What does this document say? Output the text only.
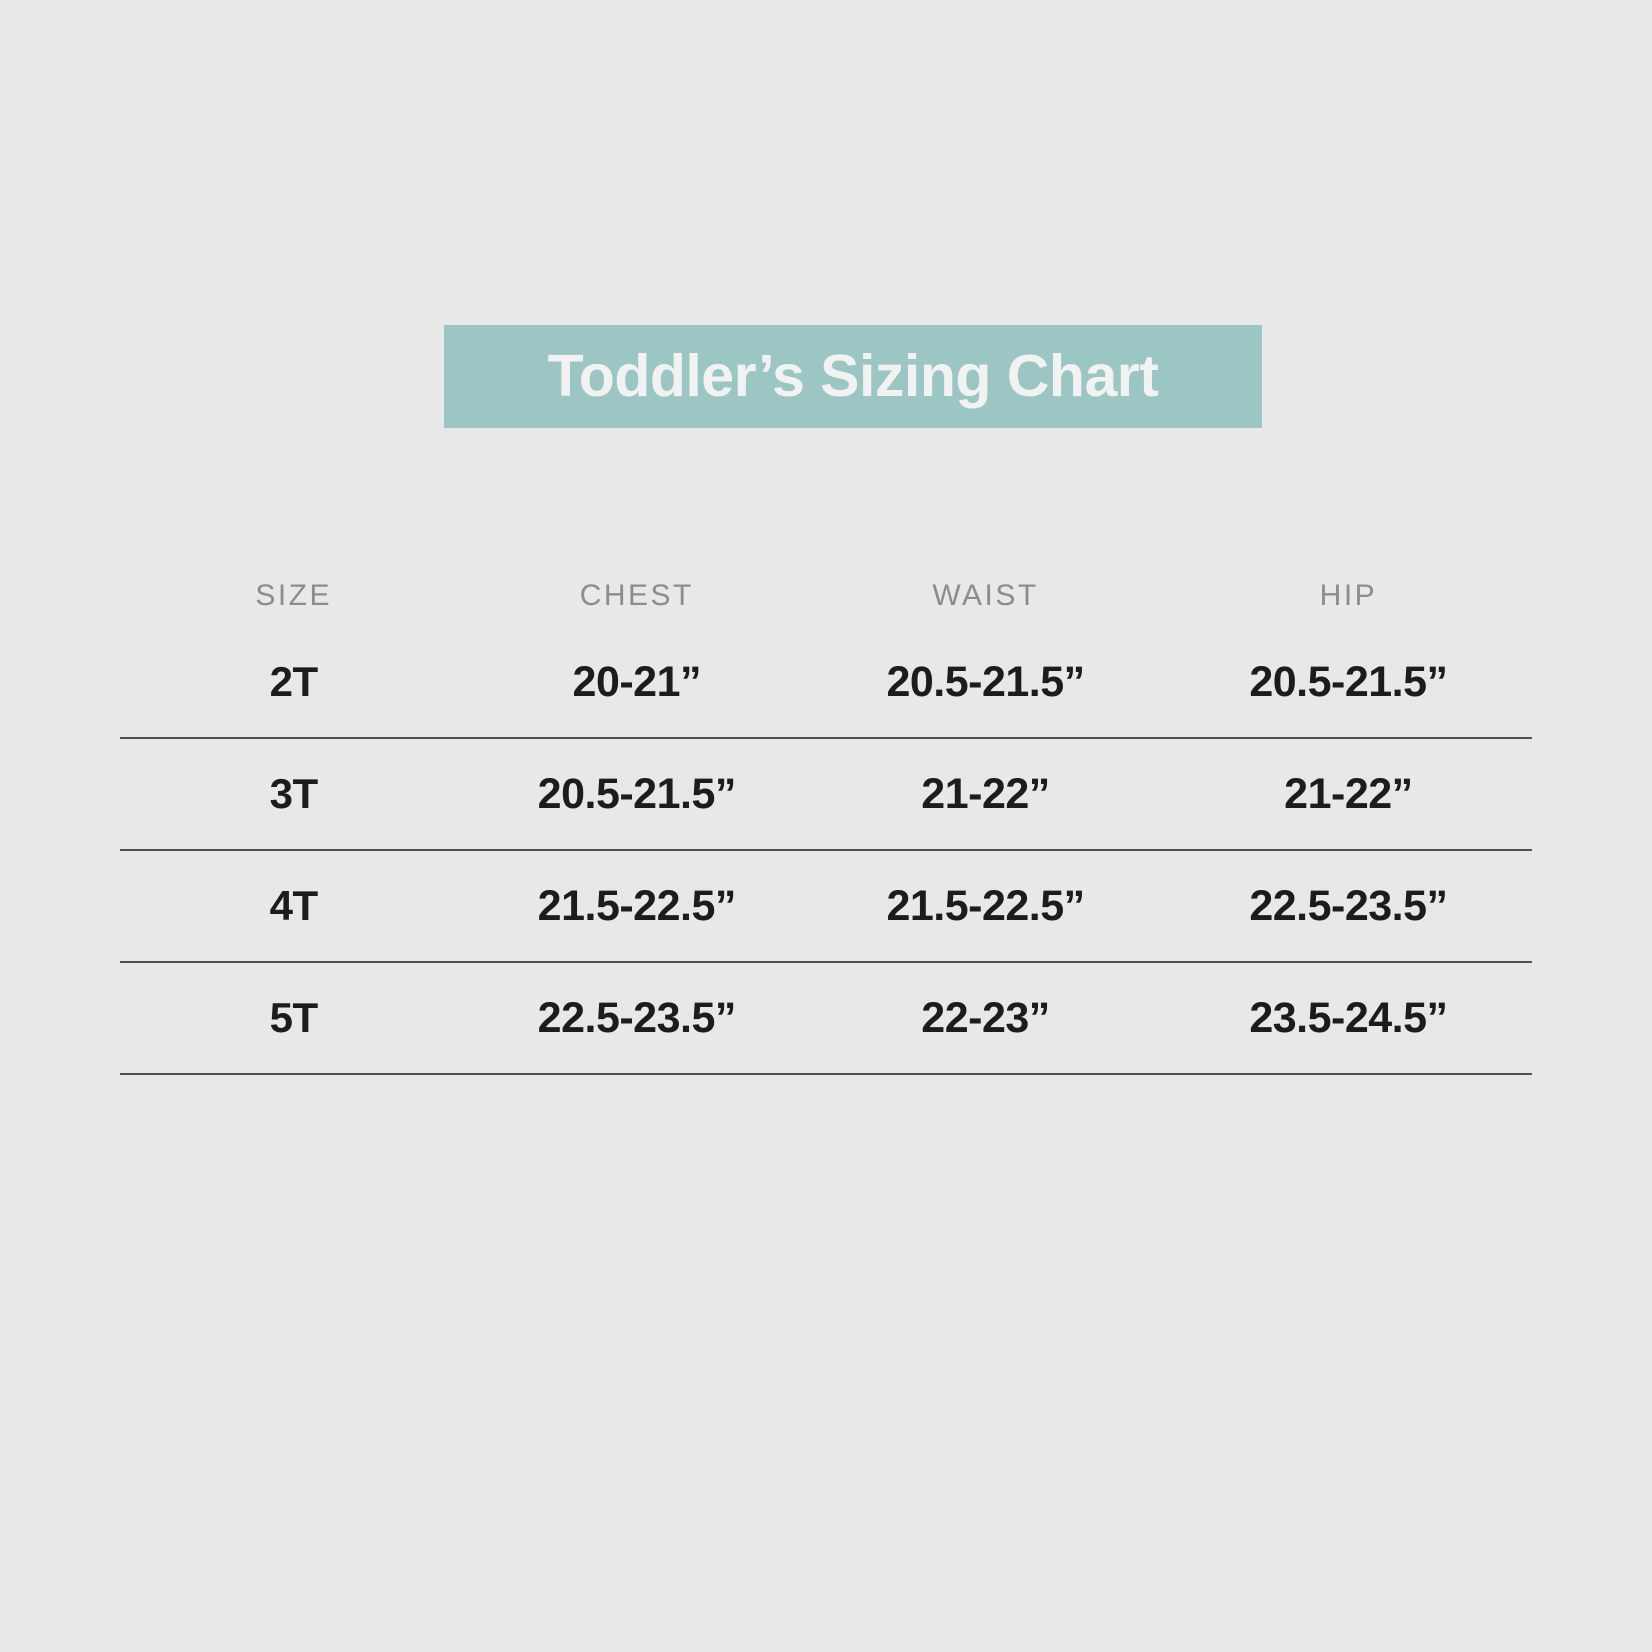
Toddler’s Sizing Chart
SIZE	CHEST	WAIST	HIP
2T	20-21”	20.5-21.5”	20.5-21.5”
3T	20.5-21.5”	21-22”	21-22”
4T	21.5-22.5”	21.5-22.5”	22.5-23.5”
5T	22.5-23.5”	22-23”	23.5-24.5”
